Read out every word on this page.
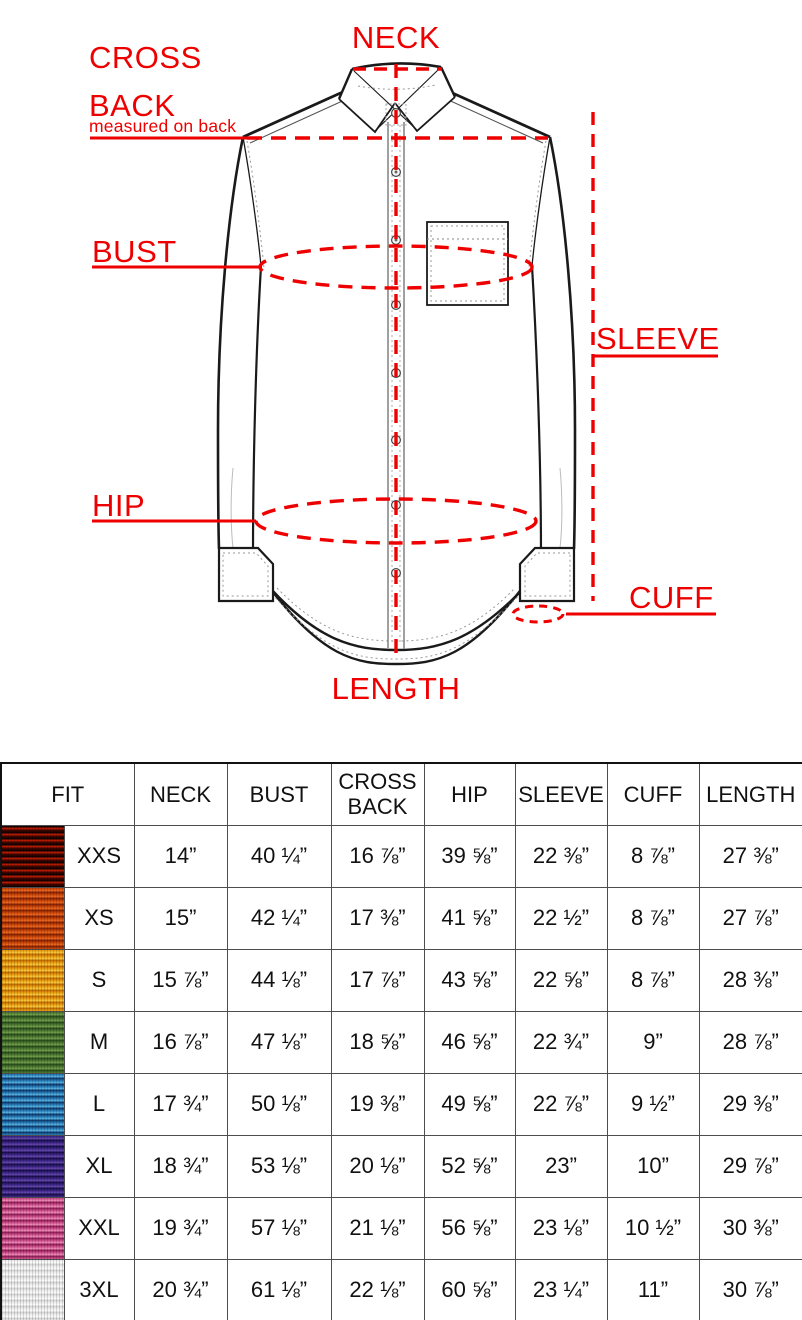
NECK
CROSS
BACK
measured on back
BUST
HIP
SLEEVE
CUFF
LENGTH
FIT		NECK	BUST	CROSS BACK	HIP	SLEEVE	CUFF	LENGTH
	XXS	14”	40 ¼”	16 ⅞”	39 ⅝”	22 ⅜”	8 ⅞”	27 ⅜”
	XS	15”	42 ¼”	17 ⅜”	41 ⅝”	22 ½”	8 ⅞”	27 ⅞”
	S	15 ⅞”	44 ⅛”	17 ⅞”	43 ⅝”	22 ⅝”	8 ⅞”	28 ⅜”
	M	16 ⅞”	47 ⅛”	18 ⅝”	46 ⅝”	22 ¾”	9”	28 ⅞”
	L	17 ¾”	50 ⅛”	19 ⅜”	49 ⅝”	22 ⅞”	9 ½”	29 ⅜”
	XL	18 ¾”	53 ⅛”	20 ⅛”	52 ⅝”	23”	10”	29 ⅞”
	XXL	19 ¾”	57 ⅛”	21 ⅛”	56 ⅝”	23 ⅛”	10 ½”	30 ⅜”
	3XL	20 ¾”	61 ⅛”	22 ⅛”	60 ⅝”	23 ¼”	11”	30 ⅞”
